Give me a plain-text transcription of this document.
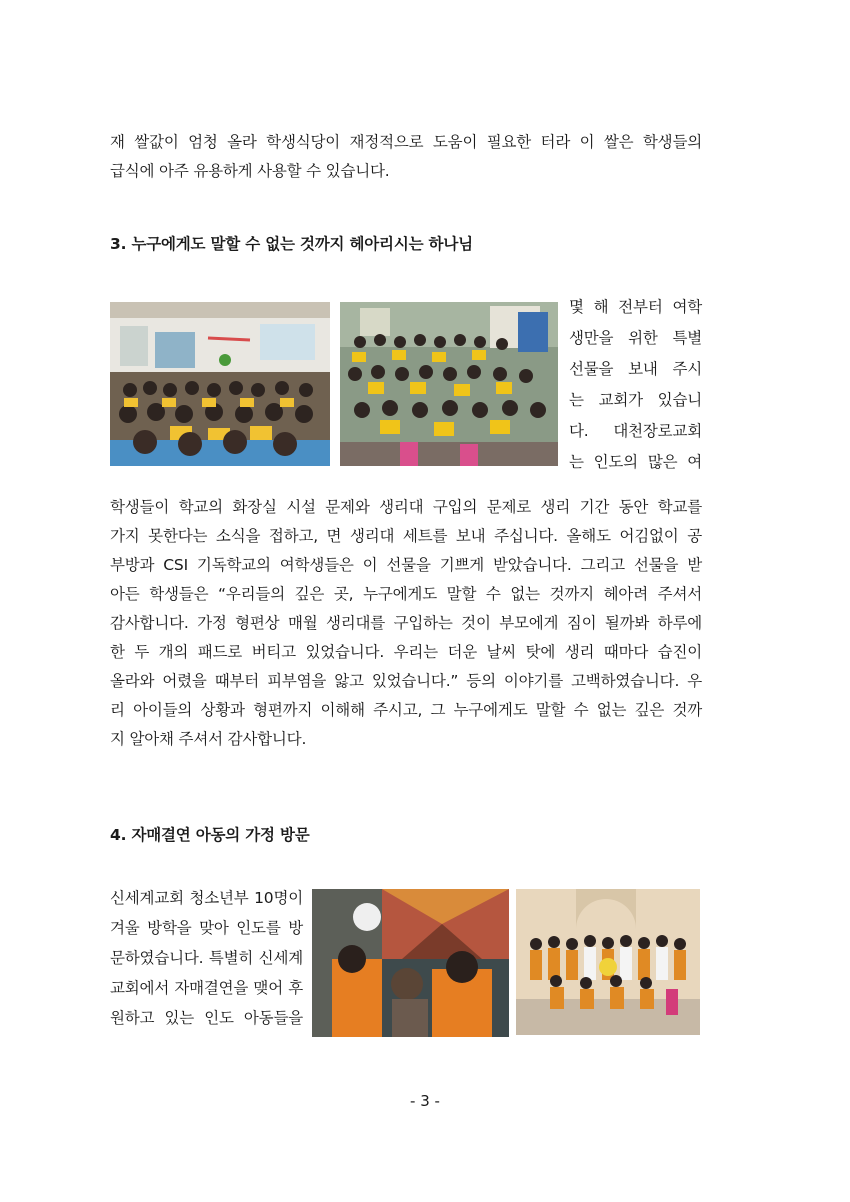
재 쌀값이 엄청 올라 학생식당이 재정적으로 도움이 필요한 터라 이 쌀은 학생들의
급식에 아주 유용하게 사용할 수 있습니다.

3. 누구에게도 말할 수 없는 것까지 헤아리시는 하나님

몇 해 전부터 여학
생만을 위한 특별
선물을 보내 주시
는 교회가 있습니
다. 대천장로교회
는 인도의 많은 여

학생들이 학교의 화장실 시설 문제와 생리대 구입의 문제로 생리 기간 동안 학교를
가지 못한다는 소식을 접하고, 면 생리대 세트를 보내 주십니다. 올해도 어김없이 공
부방과 CSI 기독학교의 여학생들은 이 선물을 기쁘게 받았습니다. 그리고 선물을 받
아든 학생들은 “우리들의 깊은 곳, 누구에게도 말할 수 없는 것까지 헤아려 주셔서
감사합니다. 가정 형편상 매월 생리대를 구입하는 것이 부모에게 짐이 될까봐 하루에
한 두 개의 패드로 버티고 있었습니다. 우리는 더운 날씨 탓에 생리 때마다 습진이
올라와 어렸을 때부터 피부염을 앓고 있었습니다.” 등의 이야기를 고백하였습니다. 우
리 아이들의 상황과 형편까지 이해해 주시고, 그 누구에게도 말할 수 없는 깊은 것까
지 알아채 주셔서 감사합니다.

4. 자매결연 아동의 가정 방문

신세계교회 청소년부 10명이
겨울 방학을 맞아 인도를 방
문하였습니다. 특별히 신세계
교회에서 자매결연을 맺어 후
원하고 있는 인도 아동들을

- 3 -
